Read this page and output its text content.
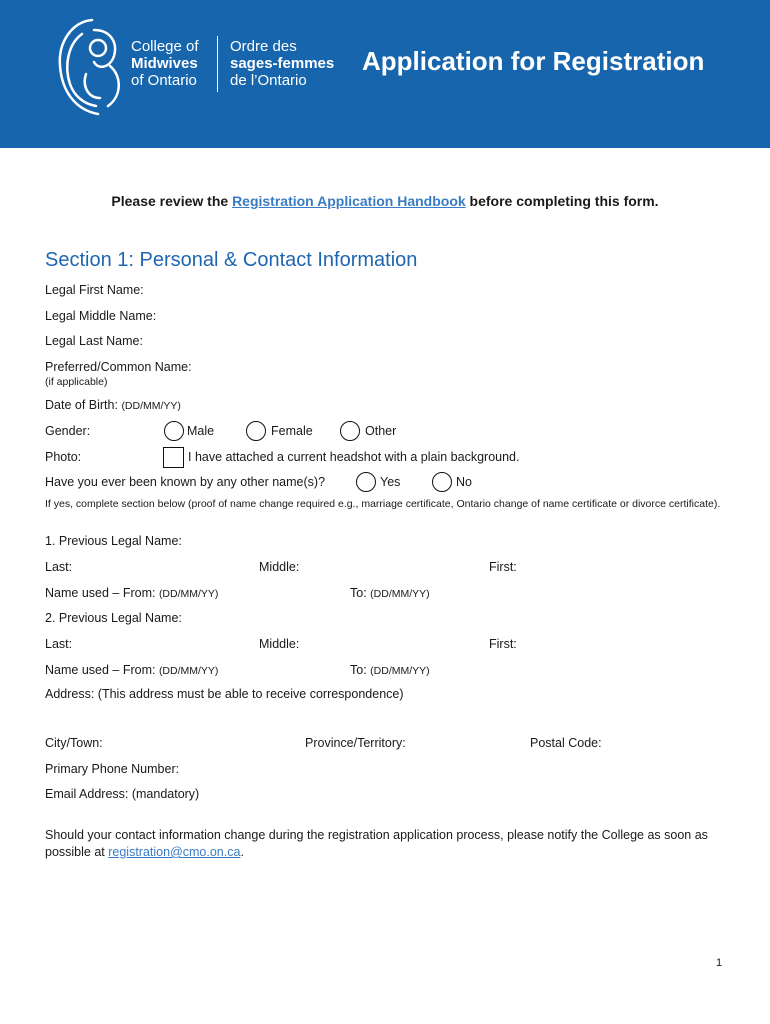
College of
Midwives
of Ontario
Ordre des
sages-femmes
de l’Ontario
Application for Registration
Please review the Registration Application Handbook before completing this form.
Section 1: Personal & Contact Information
Legal First Name:
Legal Middle Name:
Legal Last Name:
Preferred/Common Name:
(if applicable)
Date of Birth: (DD/MM/YY)
Gender:	Male	Female	Other
Photo:	I have attached a current headshot with a plain background.
Have you ever been known by any other name(s)?	Yes	No
If yes, complete section below (proof of name change required e.g., marriage certificate, Ontario change of name certificate or divorce certificate).
1. Previous Legal Name:
Last:	Middle:	First:
Name used – From: (DD/MM/YY)	To: (DD/MM/YY)
2. Previous Legal Name:
Last:	Middle:	First:
Name used – From: (DD/MM/YY)	To: (DD/MM/YY)
Address: (This address must be able to receive correspondence)
City/Town:	Province/Territory:	Postal Code:
Primary Phone Number:
Email Address: (mandatory)
Should your contact information change during the registration application process, please notify the College as soon as possible at registration@cmo.on.ca.
1
